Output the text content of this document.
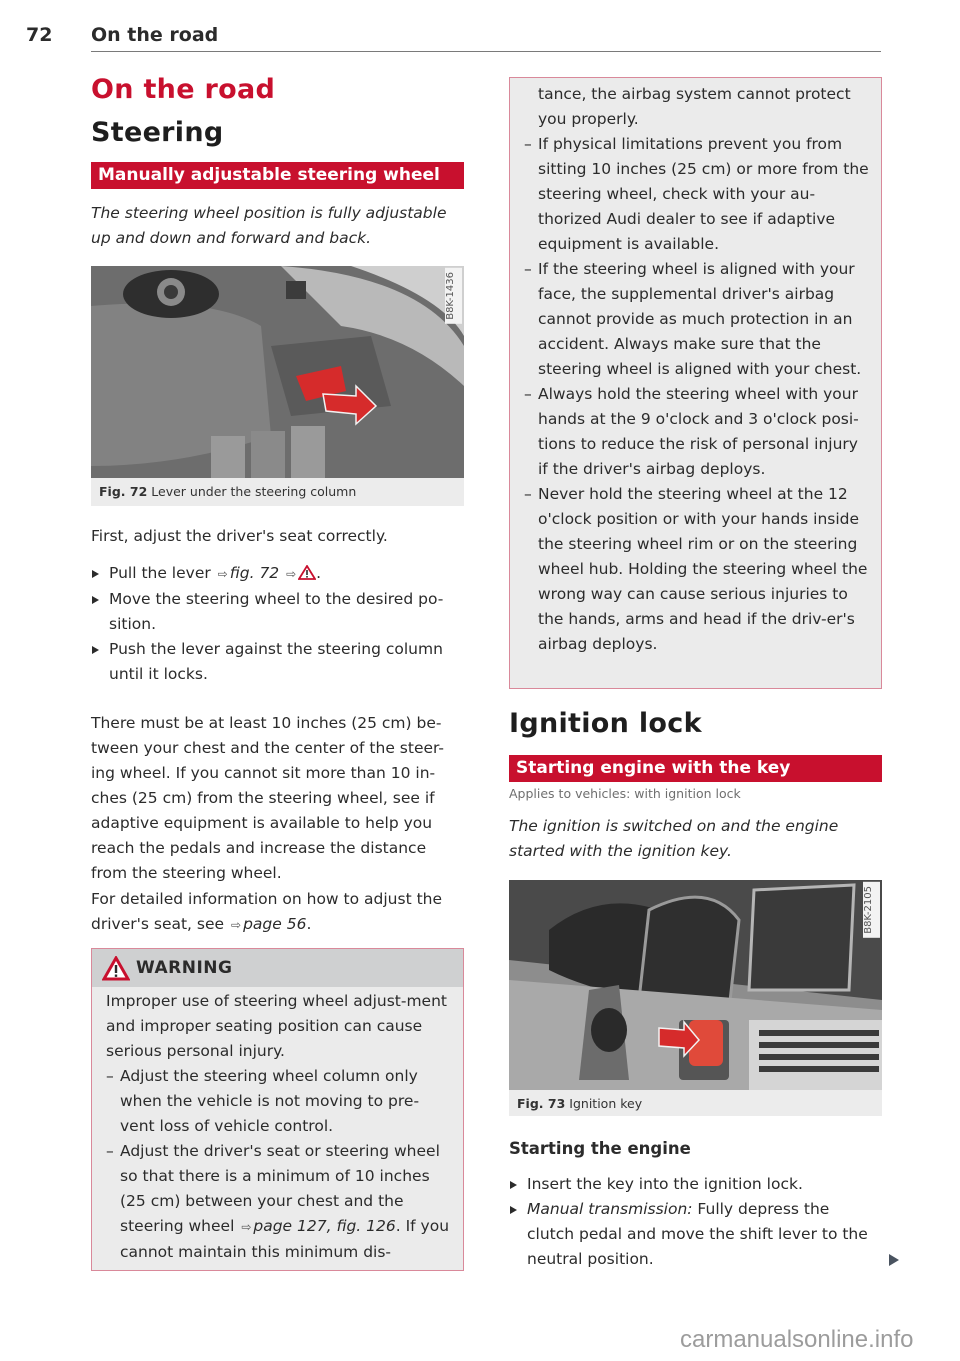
72 On the road
On the road
Steering
Manually adjustable steering wheel
The steering wheel position is fully adjustable up and down and forward and back.
B8K-1436
Fig. 72 Lever under the steering column
First, adjust the driver's seat correctly.
Pull the lever ⇨ fig. 72 ⇨ .
Move the steering wheel to the desired po-sition.
Push the lever against the steering column until it locks.
There must be at least 10 inches (25 cm) be-tween your chest and the center of the steer-ing wheel. If you cannot sit more than 10 in-ches (25 cm) from the steering wheel, see if adaptive equipment is available to help you reach the pedals and increase the distance from the steering wheel.
For detailed information on how to adjust the driver's seat, see ⇨ page 56.
WARNING
Improper use of steering wheel adjust-ment and improper seating position can cause serious personal injury.
– Adjust the steering wheel column only when the vehicle is not moving to pre-vent loss of vehicle control.
– Adjust the driver's seat or steering wheel so that there is a minimum of 10 inches (25 cm) between your chest and the steering wheel ⇨ page 127, fig. 126. If you cannot maintain this minimum dis-
tance, the airbag system cannot protect you properly.
– If physical limitations prevent you from sitting 10 inches (25 cm) or more from the steering wheel, check with your au-thorized Audi dealer to see if adaptive equipment is available.
– If the steering wheel is aligned with your face, the supplemental driver's airbag cannot provide as much protection in an accident. Always make sure that the steering wheel is aligned with your chest.
– Always hold the steering wheel with your hands at the 9 o'clock and 3 o'clock posi-tions to reduce the risk of personal injury if the driver's airbag deploys.
– Never hold the steering wheel at the 12 o'clock position or with your hands inside the steering wheel rim or on the steering wheel hub. Holding the steering wheel the wrong way can cause serious injuries to the hands, arms and head if the driv-er's airbag deploys.
Ignition lock
Starting engine with the key
Applies to vehicles: with ignition lock
The ignition is switched on and the engine started with the ignition key.
B8K-2105
Fig. 73 Ignition key
Starting the engine
Insert the key into the ignition lock.
Manual transmission: Fully depress the clutch pedal and move the shift lever to the neutral position.
carmanualsonline.info
